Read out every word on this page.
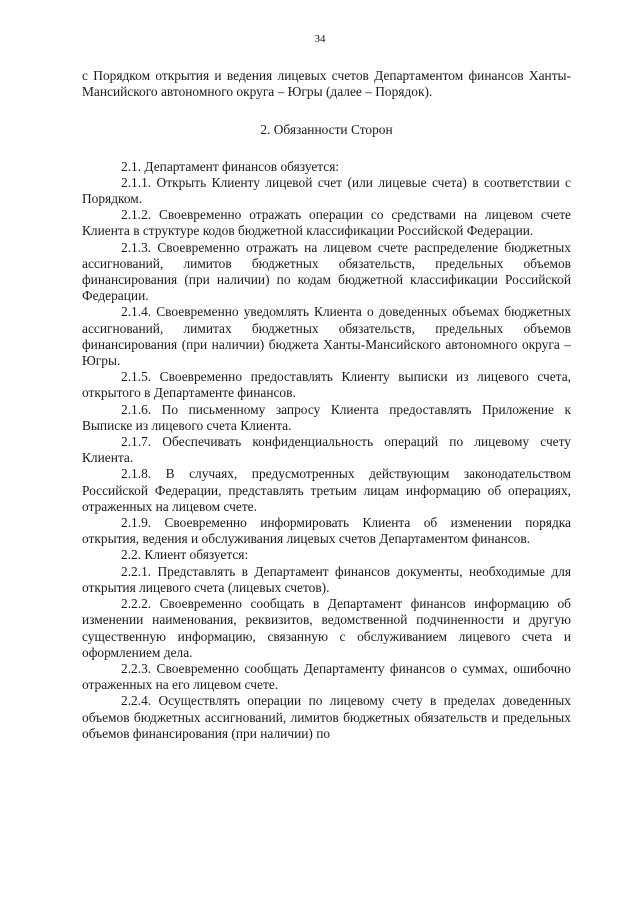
34

с Порядком открытия и ведения лицевых счетов Департаментом финансов Ханты-Мансийского автономного округа – Югры (далее – Порядок).

2. Обязанности Сторон

2.1. Департамент финансов обязуется:

2.1.1. Открыть Клиенту лицевой счет (или лицевые счета) в соответствии с Порядком.

2.1.2. Своевременно отражать операции со средствами на лицевом счете Клиента в структуре кодов бюджетной классификации Российской Федерации.

2.1.3. Своевременно отражать на лицевом счете распределение бюджетных ассигнований, лимитов бюджетных обязательств, предельных объемов финансирования (при наличии) по кодам бюджетной классификации Российской Федерации.

2.1.4. Своевременно уведомлять Клиента о доведенных объемах бюджетных ассигнований, лимитах бюджетных обязательств, предельных объемов финансирования (при наличии) бюджета Ханты-Мансийского автономного округа – Югры.

2.1.5. Своевременно предоставлять Клиенту выписки из лицевого счета, открытого в Департаменте финансов.

2.1.6. По письменному запросу Клиента предоставлять Приложение к Выписке из лицевого счета Клиента.

2.1.7. Обеспечивать конфиденциальность операций по лицевому счету Клиента.

2.1.8. В случаях, предусмотренных действующим законодательством Российской Федерации, представлять третьим лицам информацию об операциях, отраженных на лицевом счете.

2.1.9. Своевременно информировать Клиента об изменении порядка открытия, ведения и обслуживания лицевых счетов Департаментом финансов.

2.2. Клиент обязуется:

2.2.1. Представлять в Департамент финансов документы, необходимые для открытия лицевого счета (лицевых счетов).

2.2.2. Своевременно сообщать в Департамент финансов информацию об изменении наименования, реквизитов, ведомственной подчиненности и другую существенную информацию, связанную с обслуживанием лицевого счета и оформлением дела.

2.2.3. Своевременно сообщать Департаменту финансов о суммах, ошибочно отраженных на его лицевом счете.

2.2.4. Осуществлять операции по лицевому счету в пределах доведенных объемов бюджетных ассигнований, лимитов бюджетных обязательств и предельных объемов финансирования (при наличии) по
